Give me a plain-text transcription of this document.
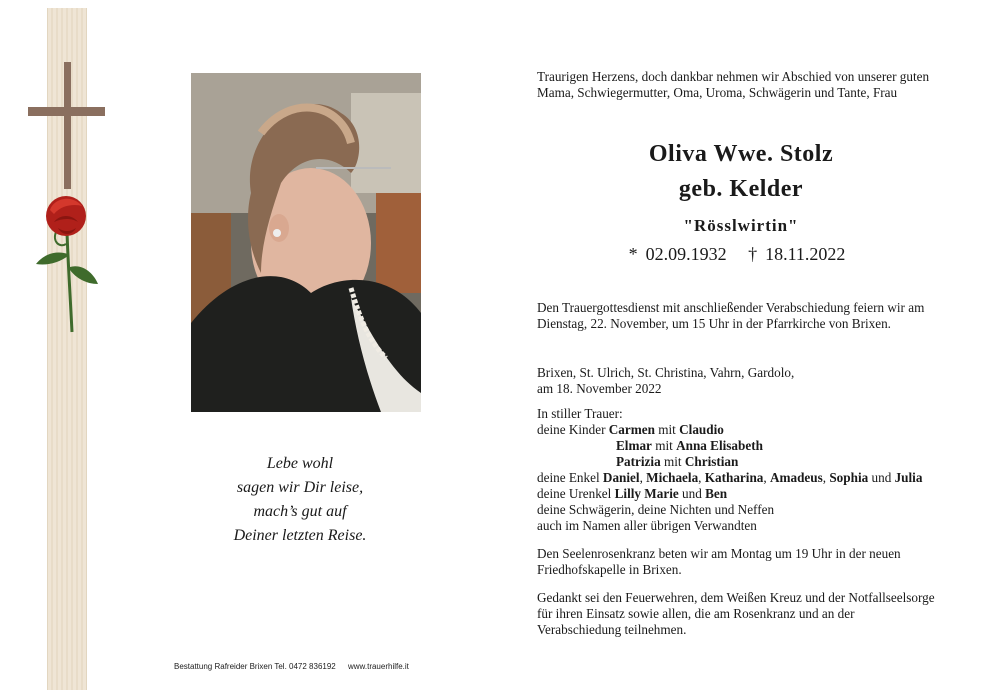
Lebe wohl
sagen wir Dir leise,
mach’s gut auf
Deiner letzten Reise.
Bestattung Rafreider Brixen Tel. 0472 836192 www.trauerhilfe.it

Traurigen Herzens, doch dankbar nehmen wir Abschied von unserer guten Mama, Schwiegermutter, Oma, Uroma, Schwägerin und Tante, Frau

Oliva Wwe. Stolz
geb. Kelder
"Rösslwirtin"
* 02.09.1932 † 18.11.2022

Den Trauergottesdienst mit anschließender Verabschiedung feiern wir am Dienstag, 22. November, um 15 Uhr in der Pfarrkirche von Brixen.

Brixen, St. Ulrich, St. Christina, Vahrn, Gardolo,
am 18. November 2022
In stiller Trauer:
deine Kinder Carmen mit Claudio
Elmar mit Anna Elisabeth
Patrizia mit Christian
deine Enkel Daniel, Michaela, Katharina, Amadeus, Sophia und Julia
deine Urenkel Lilly Marie und Ben
deine Schwägerin, deine Nichten und Neffen
auch im Namen aller übrigen Verwandten

Den Seelenrosenkranz beten wir am Montag um 19 Uhr in der neuen Friedhofskapelle in Brixen.

Gedankt sei den Feuerwehren, dem Weißen Kreuz und der Notfallseelsorge für ihren Einsatz sowie allen, die am Rosenkranz und an der Verabschiedung teilnehmen.
